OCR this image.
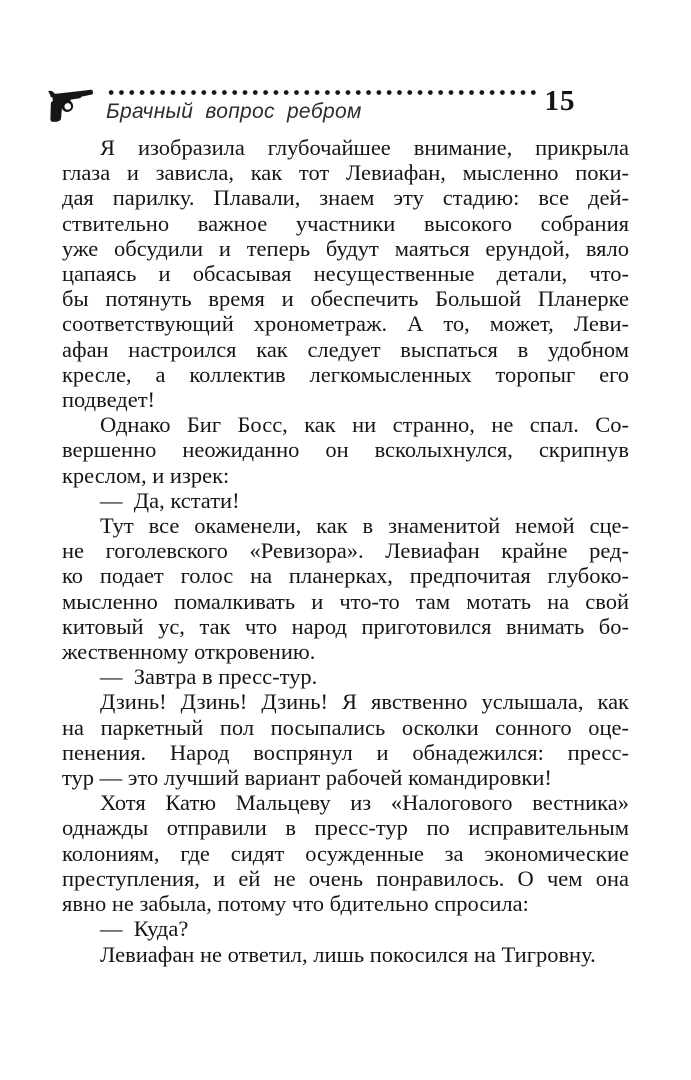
Брачный вопрос ребром	15
Я изобразила глубочайшее внимание, прикрыла
глаза и зависла, как тот Левиафан, мысленно поки-
дая парилку. Плавали, знаем эту стадию: все дей-
ствительно важное участники высокого собрания
уже обсудили и теперь будут маяться ерундой, вяло
цапаясь и обсасывая несущественные детали, что-
бы потянуть время и обеспечить Большой Планерке
соответствующий хронометраж. А то, может, Леви-
афан настроился как следует выспаться в удобном
кресле, а коллектив легкомысленных торопыг его
подведет!
Однако Биг Босс, как ни странно, не спал. Со-
вершенно неожиданно он всколыхнулся, скрипнув
креслом, и изрек:
— Да, кстати!
Тут все окаменели, как в знаменитой немой сце-
не гоголевского «Ревизора». Левиафан крайне ред-
ко подает голос на планерках, предпочитая глубоко-
мысленно помалкивать и что-то там мотать на свой
китовый ус, так что народ приготовился внимать бо-
жественному откровению.
— Завтра в пресс-тур.
Дзинь! Дзинь! Дзинь! Я явственно услышала, как
на паркетный пол посыпались осколки сонного оце-
пенения. Народ воспрянул и обнадежился: пресс-
тур — это лучший вариант рабочей командировки!
Хотя Катю Мальцеву из «Налогового вестника»
однажды отправили в пресс-тур по исправительным
колониям, где сидят осужденные за экономические
преступления, и ей не очень понравилось. О чем она
явно не забыла, потому что бдительно спросила:
— Куда?
Левиафан не ответил, лишь покосился на Тигровну.
